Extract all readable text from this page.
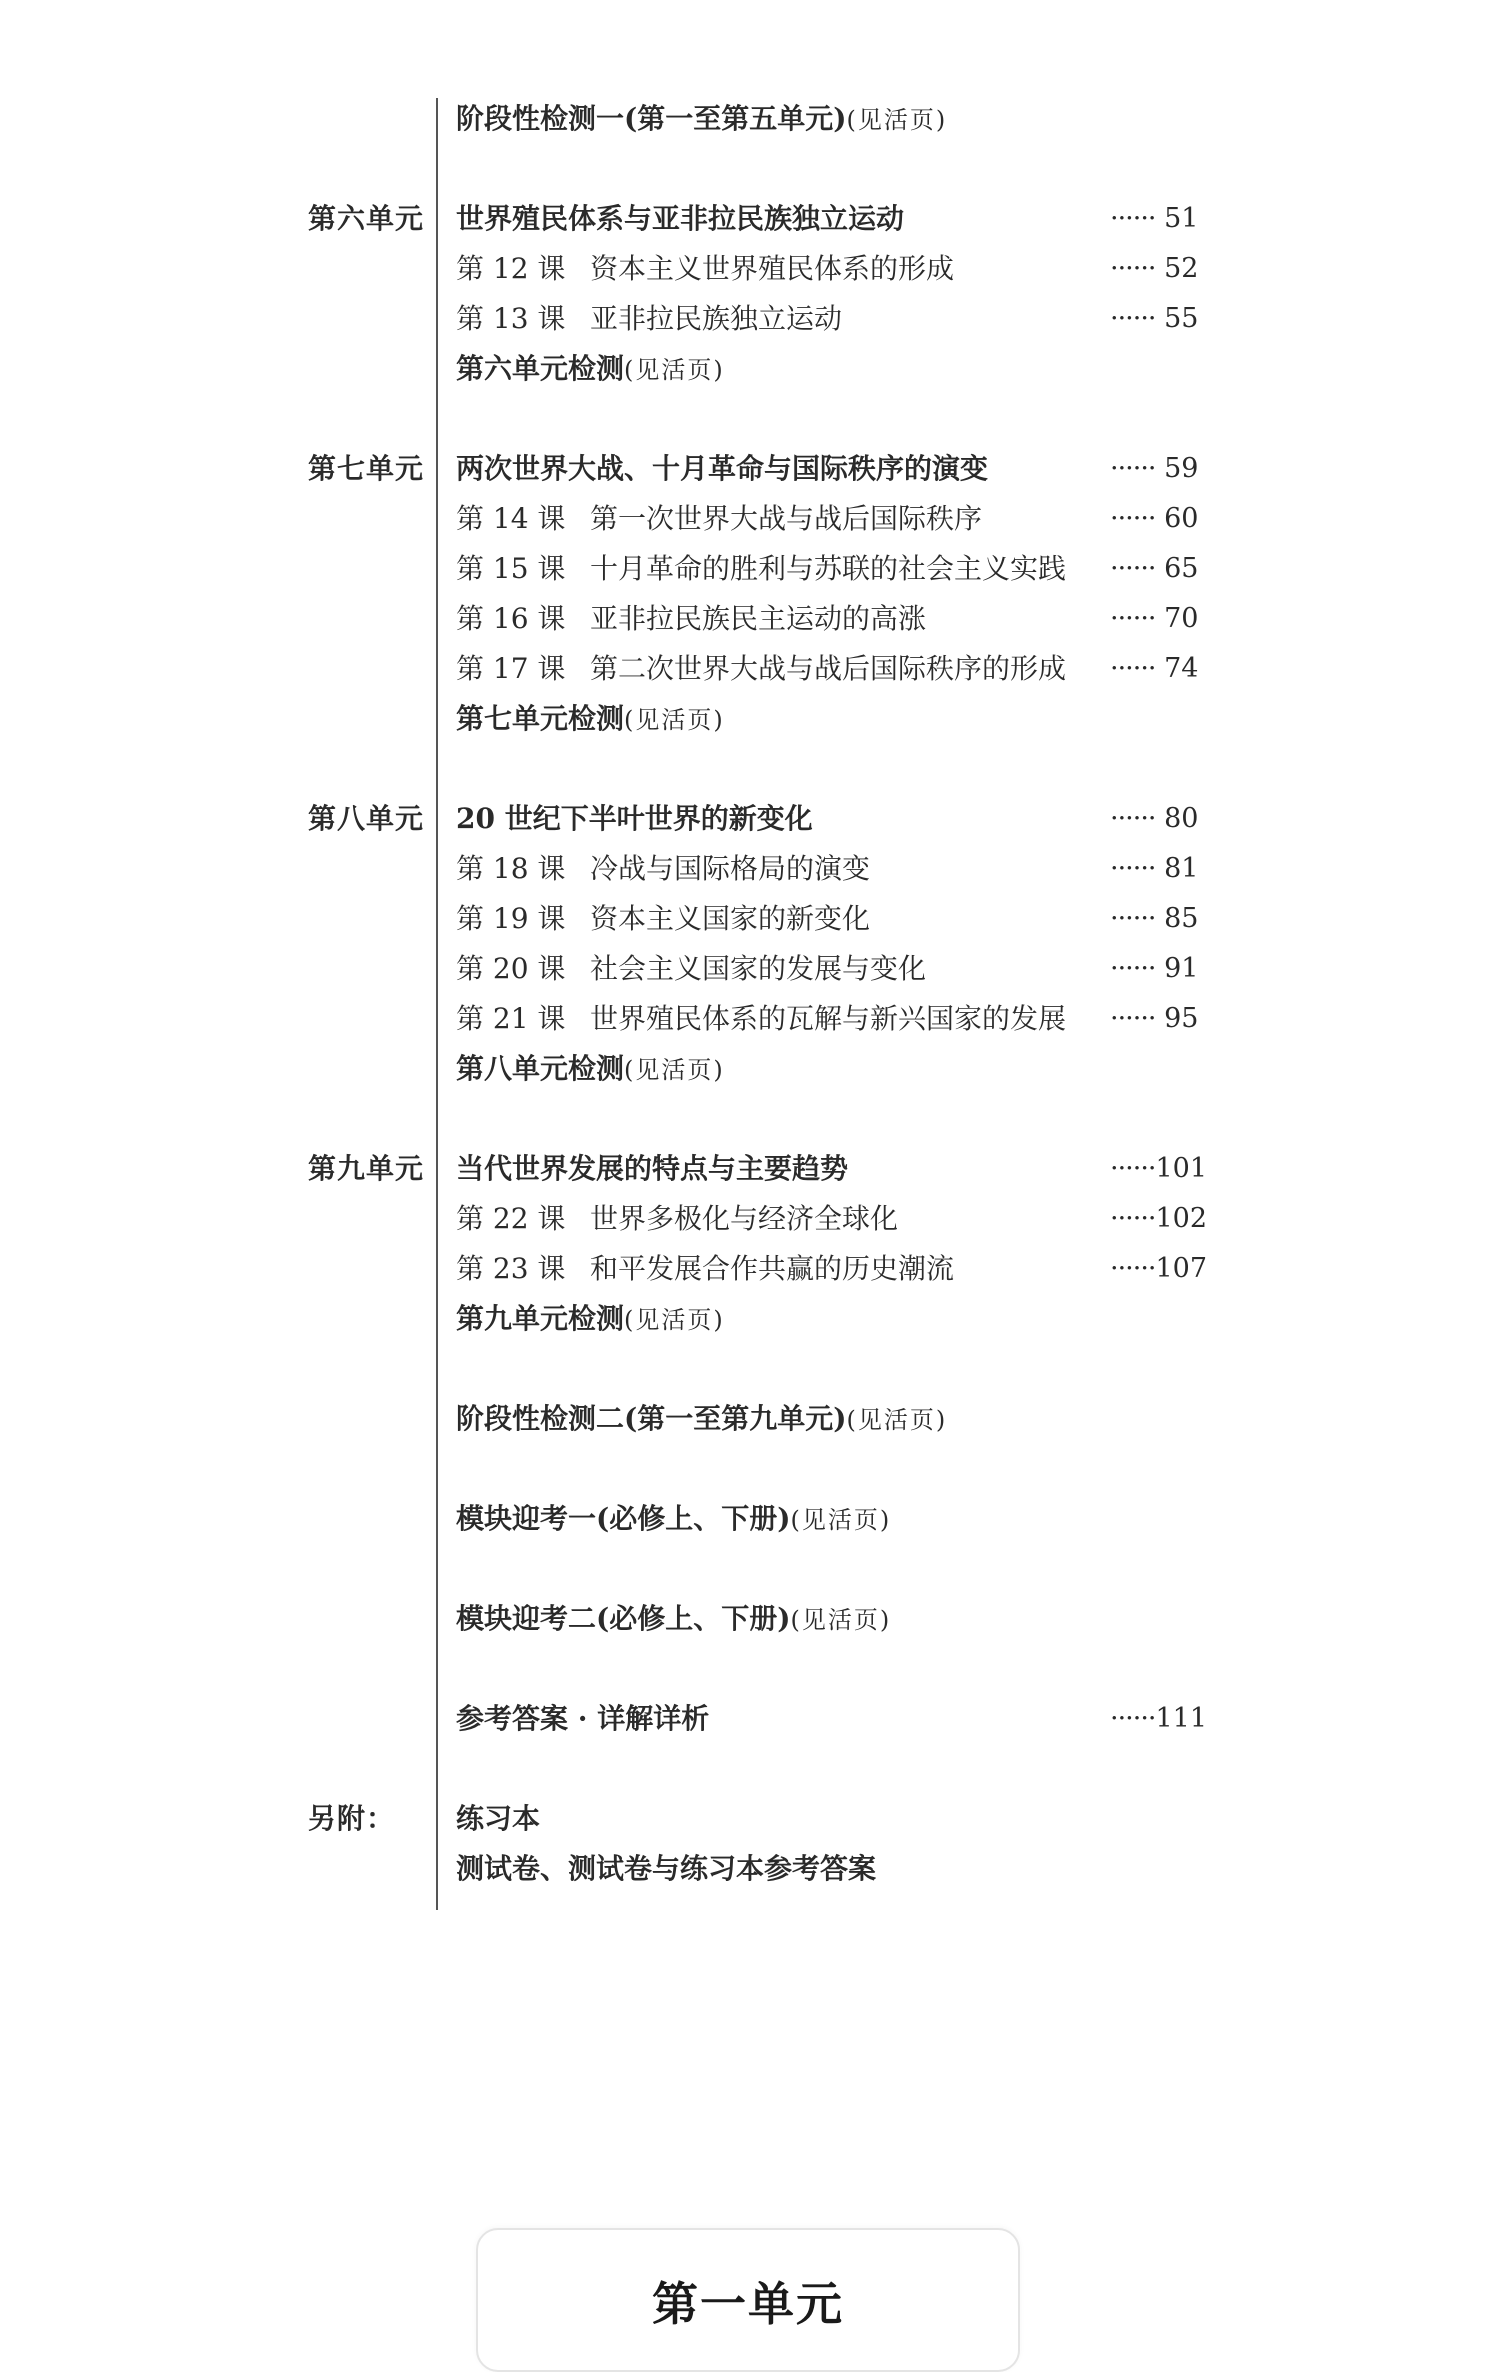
阶段性检测一(第一至第五单元)(见活页)
第六单元 世界殖民体系与亚非拉民族独立运动	······ 51
第 12 课 资本主义世界殖民体系的形成	······ 52
第 13 课 亚非拉民族独立运动	······ 55
第六单元检测(见活页)
第七单元 两次世界大战、十月革命与国际秩序的演变	······ 59
第 14 课 第一次世界大战与战后国际秩序	······ 60
第 15 课 十月革命的胜利与苏联的社会主义实践 ······ 65
第 16 课 亚非拉民族民主运动的高涨	······ 70
第 17 课 第二次世界大战与战后国际秩序的形成 ······ 74
第七单元检测(见活页)
第八单元 20 世纪下半叶世界的新变化	······ 80
第 18 课 冷战与国际格局的演变	······ 81
第 19 课 资本主义国家的新变化	······ 85
第 20 课 社会主义国家的发展与变化	······ 91
第 21 课 世界殖民体系的瓦解与新兴国家的发展 ······ 95
第八单元检测(见活页)
第九单元 当代世界发展的特点与主要趋势	······101
第 22 课 世界多极化与经济全球化	······102
第 23 课 和平发展合作共赢的历史潮流	······107
第九单元检测(见活页)
阶段性检测二(第一至第九单元)(见活页)
模块迎考一(必修上、下册)(见活页)
模块迎考二(必修上、下册)(见活页)
参考答案 · 详解详析	······111
另附： 练习本
测试卷、测试卷与练习本参考答案
第一单元
